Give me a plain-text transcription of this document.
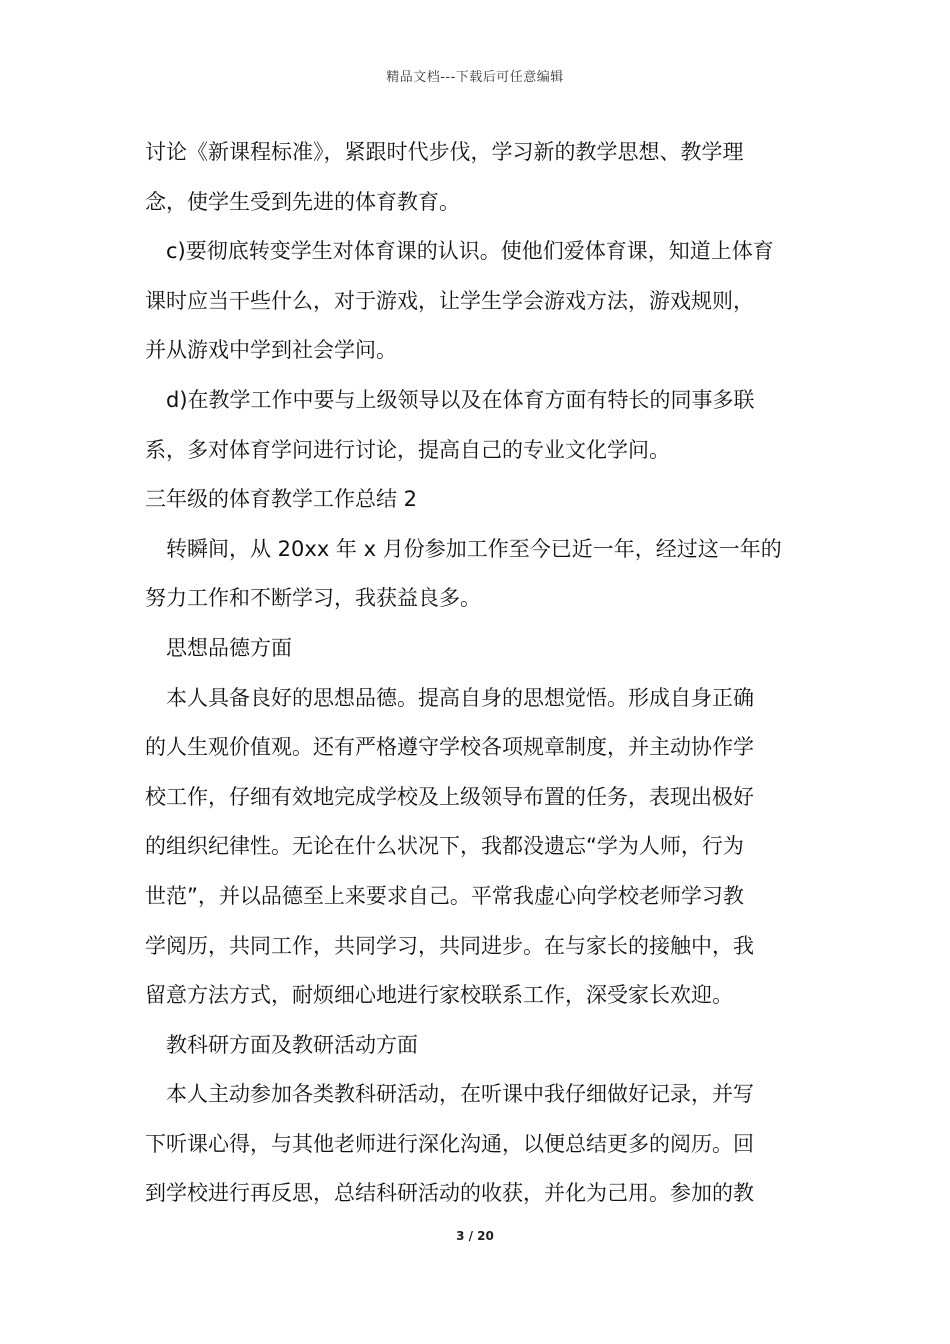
精品文档---下载后可任意编辑
讨论《新课程标准》，紧跟时代步伐，学习新的教学思想、教学理
念，使学生受到先进的体育教育。
c)要彻底转变学生对体育课的认识。使他们爱体育课，知道上体育
课时应当干些什么，对于游戏，让学生学会游戏方法，游戏规则，
并从游戏中学到社会学问。
d)在教学工作中要与上级领导以及在体育方面有特长的同事多联
系，多对体育学问进行讨论，提高自己的专业文化学问。
三年级的体育教学工作总结 2
转瞬间，从 20xx 年 x 月份参加工作至今已近一年，经过这一年的
努力工作和不断学习，我获益良多。
思想品德方面
本人具备良好的思想品德。提高自身的思想觉悟。形成自身正确
的人生观价值观。还有严格遵守学校各项规章制度，并主动协作学
校工作，仔细有效地完成学校及上级领导布置的任务，表现出极好
的组织纪律性。无论在什么状况下，我都没遗忘“学为人师，行为
世范”，并以品德至上来要求自己。平常我虚心向学校老师学习教
学阅历，共同工作，共同学习，共同进步。在与家长的接触中，我
留意方法方式，耐烦细心地进行家校联系工作，深受家长欢迎。
教科研方面及教研活动方面
本人主动参加各类教科研活动，在听课中我仔细做好记录，并写
下听课心得，与其他老师进行深化沟通，以便总结更多的阅历。回
到学校进行再反思，总结科研活动的收获，并化为己用。参加的教
3 / 20
